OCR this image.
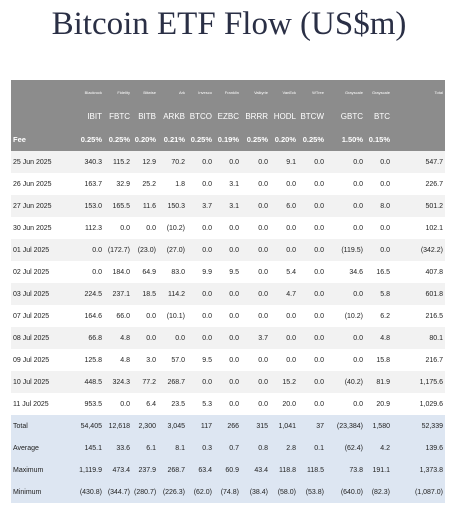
Bitcoin ETF Flow (US$m)
	Blackrock	Fidelity	Bitwise	Ark	Invesco	Franklin	Valkyrie	VanEck	WTree	Grayscale	Grayscale	Total
	IBIT	FBTC	BITB	ARKB	BTCO	EZBC	BRRR	HODL	BTCW	GBTC	BTC	
Fee	0.25%	0.25%	0.20%	0.21%	0.25%	0.19%	0.25%	0.20%	0.25%	1.50%	0.15%	
25 Jun 2025	340.3	115.2	12.9	70.2	0.0	0.0	0.0	9.1	0.0	0.0	0.0	547.7
26 Jun 2025	163.7	32.9	25.2	1.8	0.0	3.1	0.0	0.0	0.0	0.0	0.0	226.7
27 Jun 2025	153.0	165.5	11.6	150.3	3.7	3.1	0.0	6.0	0.0	0.0	8.0	501.2
30 Jun 2025	112.3	0.0	0.0	(10.2)	0.0	0.0	0.0	0.0	0.0	0.0	0.0	102.1
01 Jul 2025	0.0	(172.7)	(23.0)	(27.0)	0.0	0.0	0.0	0.0	0.0	(119.5)	0.0	(342.2)
02 Jul 2025	0.0	184.0	64.9	83.0	9.9	9.5	0.0	5.4	0.0	34.6	16.5	407.8
03 Jul 2025	224.5	237.1	18.5	114.2	0.0	0.0	0.0	4.7	0.0	0.0	5.8	601.8
07 Jul 2025	164.6	66.0	0.0	(10.1)	0.0	0.0	0.0	0.0	0.0	(10.2)	6.2	216.5
08 Jul 2025	66.8	4.8	0.0	0.0	0.0	0.0	3.7	0.0	0.0	0.0	4.8	80.1
09 Jul 2025	125.8	4.8	3.0	57.0	9.5	0.0	0.0	0.0	0.0	0.0	15.8	216.7
10 Jul 2025	448.5	324.3	77.2	268.7	0.0	0.0	0.0	15.2	0.0	(40.2)	81.9	1,175.6
11 Jul 2025	953.5	0.0	6.4	23.5	5.3	0.0	0.0	20.0	0.0	0.0	20.9	1,029.6
Total	54,405	12,618	2,300	3,045	117	266	315	1,041	37	(23,384)	1,580	52,339
Average	145.1	33.6	6.1	8.1	0.3	0.7	0.8	2.8	0.1	(62.4)	4.2	139.6
Maximum	1,119.9	473.4	237.9	268.7	63.4	60.9	43.4	118.8	118.5	73.8	191.1	1,373.8
Minimum	(430.8)	(344.7)	(280.7)	(226.3)	(62.0)	(74.8)	(38.4)	(58.0)	(53.8)	(640.0)	(82.3)	(1,087.0)
